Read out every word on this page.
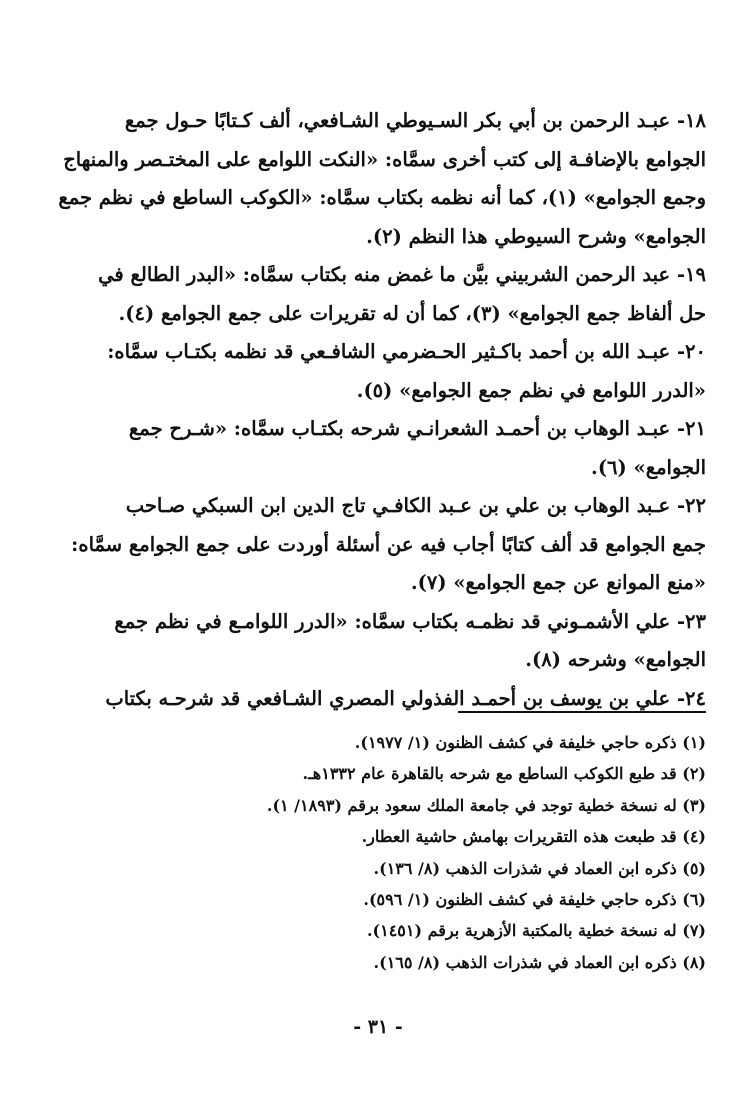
١٨- عبـد الرحمن بن أبي بكر السـيوطي الشـافعي، ألف كـتابًا حـول جمع
الجوامع بالإضافـة إلى كتب أخرى سمَّاه: «النكت اللوامع على المختـصر والمنهاج
وجمع الجوامع» (١)، كما أنه نظمه بكتاب سمَّاه: «الكوكب الساطع في نظم جمع
الجوامع» وشرح السيوطي هذا النظم (٢).
١٩- عبد الرحمن الشربيني بيَّن ما غمض منه بكتاب سمَّاه: «البدر الطالع في
حل ألفاظ جمع الجوامع» (٣)، كما أن له تقريرات على جمع الجوامع (٤).
٢٠- عبـد الله بن أحمد باكـثير الحـضرمي الشافـعي قد نظمه بكتـاب سمَّاه:
«الدرر اللوامع في نظم جمع الجوامع» (٥).
٢١- عبـد الوهاب بن أحمـد الشعرانـي شرحه بكتـاب سمَّاه: «شـرح جمع
الجوامع» (٦).
٢٢- عـبد الوهاب بن علي بن عـبد الكافـي تاج الدين ابن السبكي صـاحب
جمع الجوامع قد ألف كتابًا أجاب فيه عن أسئلة أوردت على جمع الجوامع سمَّاه:
«منع الموانع عن جمع الجوامع» (٧).
٢٣- علي الأشمـوني قد نظمـه بكتاب سمَّاه: «الدرر اللوامـع في نظم جمع
الجوامع» وشرحه (٨).
٢٤- علي بن يوسف بن أحمـد الفذولي المصري الشـافعي قد شرحـه بكتاب
(١) ذكره حاجي خليفة في كشف الظنون (١/ ١٩٧٧).
(٢) قد طبع الكوكب الساطع مع شرحه بالقاهرة عام ١٣٣٢هـ.
(٣) له نسخة خطية توجد في جامعة الملك سعود برقم (١٨٩٣/ ١).
(٤) قد طبعت هذه التقريرات بهامش حاشية العطار.
(٥) ذكره ابن العماد في شذرات الذهب (٨/ ١٣٦).
(٦) ذكره حاجي خليفة في كشف الظنون (١/ ٥٩٦).
(٧) له نسخة خطية بالمكتبة الأزهرية برقم (١٤٥١).
(٨) ذكره ابن العماد في شذرات الذهب (٨/ ١٦٥).
- ٣١ -
